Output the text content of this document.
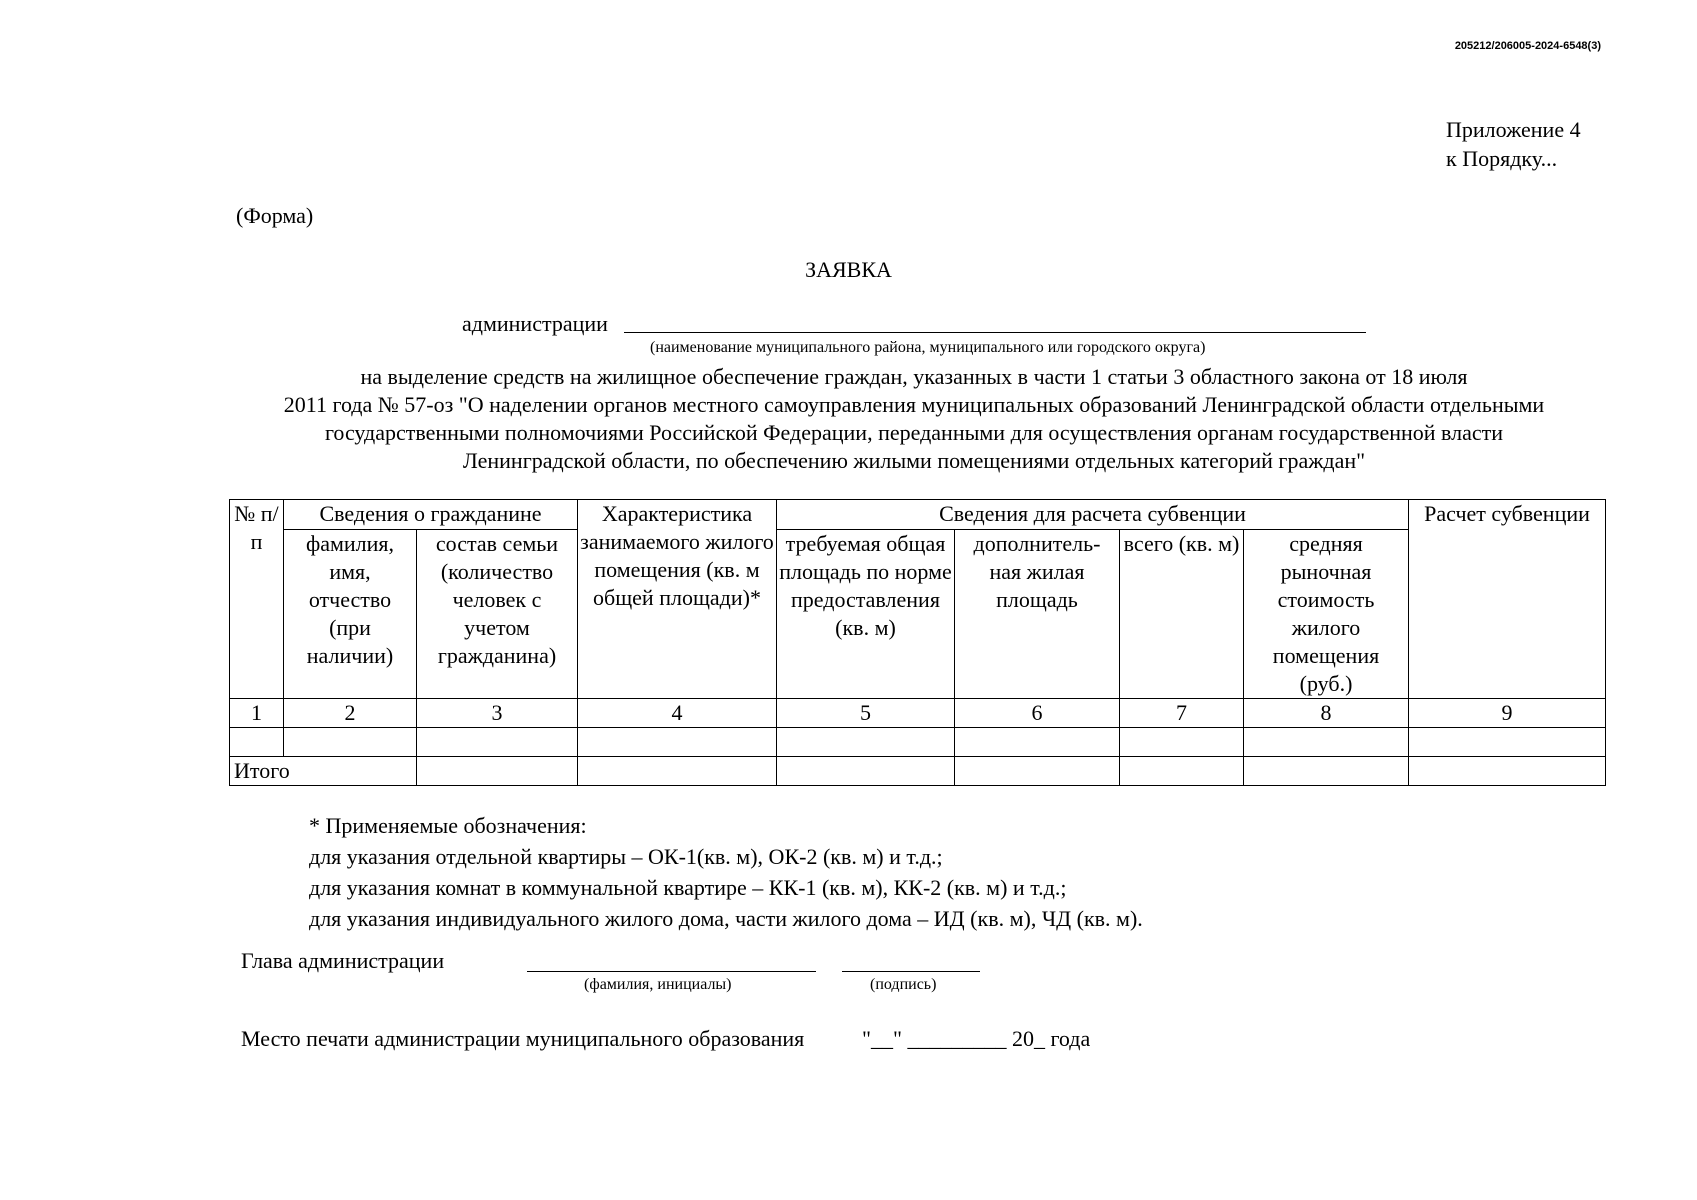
205212/206005-2024-6548(3)
Приложение 4
к Порядку...
(Форма)
ЗАЯВКА
администрации
(наименование муниципального района, муниципального или городского округа)
на выделение средств на жилищное обеспечение граждан, указанных в части 1 статьи 3 областного закона от 18 июля
2011 года № 57-оз "О наделении органов местного самоуправления муниципальных образований Ленинградской области отдельными
государственными полномочиями Российской Федерации, переданными для осуществления органам государственной власти
Ленинградской области, по обеспечению жилыми помещениями отдельных категорий граждан"
№ п/п	Сведения о гражданине		Характеристика занимаемого жилого помещения (кв. м общей площади)*	Сведения для расчета субвенции				Расчет субвенции
	фамилия, имя, отчество (при наличии)	состав семьи (количество человек с учетом гражданина)		требуемая общая площадь по норме предоставления (кв. м)	дополнитель- ная жилая площадь	всего (кв. м)	средняя рыночная стоимость жилого помещения (руб.)	
1	2	3	4	5	6	7	8	9

Итого								
* Применяемые обозначения:
для указания отдельной квартиры – ОК-1(кв. м), ОК-2 (кв. м) и т.д.;
для указания комнат в коммунальной квартире – КК-1 (кв. м), КК-2 (кв. м) и т.д.;
для указания индивидуального жилого дома, части жилого дома – ИД (кв. м), ЧД (кв. м).
Глава администрации
(фамилия, инициалы)	(подпись)
Место печати администрации муниципального образования	"__" _________ 20_ года
